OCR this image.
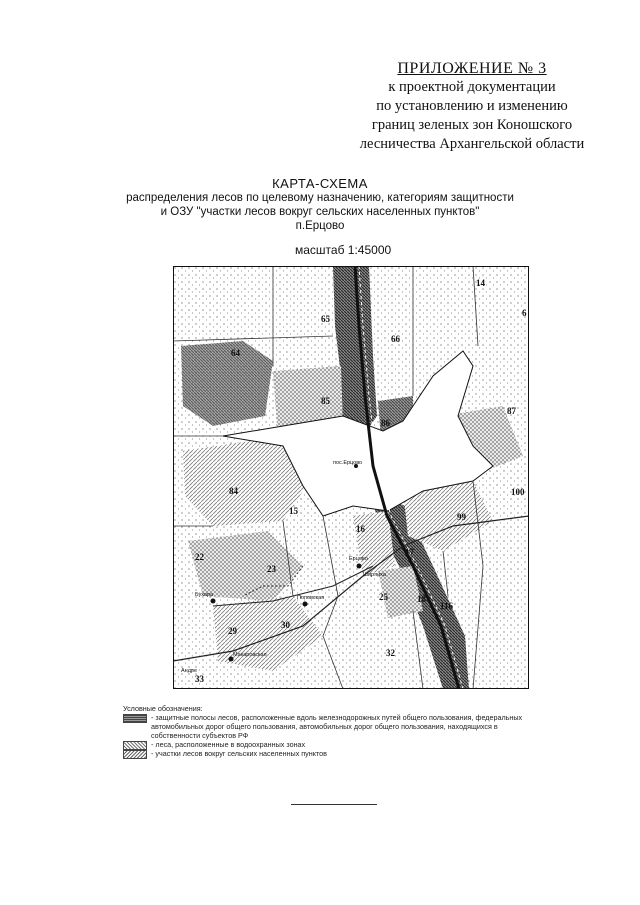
ПРИЛОЖЕНИЕ № 3
к проектной документации
по установлению и изменению
границ зеленых зон Коношского
лесничества Архангельской области
КАРТА-СХЕМА
распределения лесов по целевому назначению, категориям защитности
и ОЗУ "участки лесов вокруг сельских населенных пунктов"
п.Ерцово
масштаб 1:45000
65
66
64
85
86
87
84	100
15
16
99
22
23
17
116
25	18
29
30
32
33
14
6
пос.Ерцово
Ерцово
Ширяиха
Поповская
Бухара
Макаровская
Андре
Условные обозначения:
- защитные полосы лесов, расположенные вдоль железнодорожных путей общего пользования, федеральных автомобильных дорог общего пользования, автомобильных дорог общего пользования, находящихся в собственности субъектов РФ
- леса, расположенные в водоохранных зонах
- участки лесов вокруг сельских населенных пунктов
